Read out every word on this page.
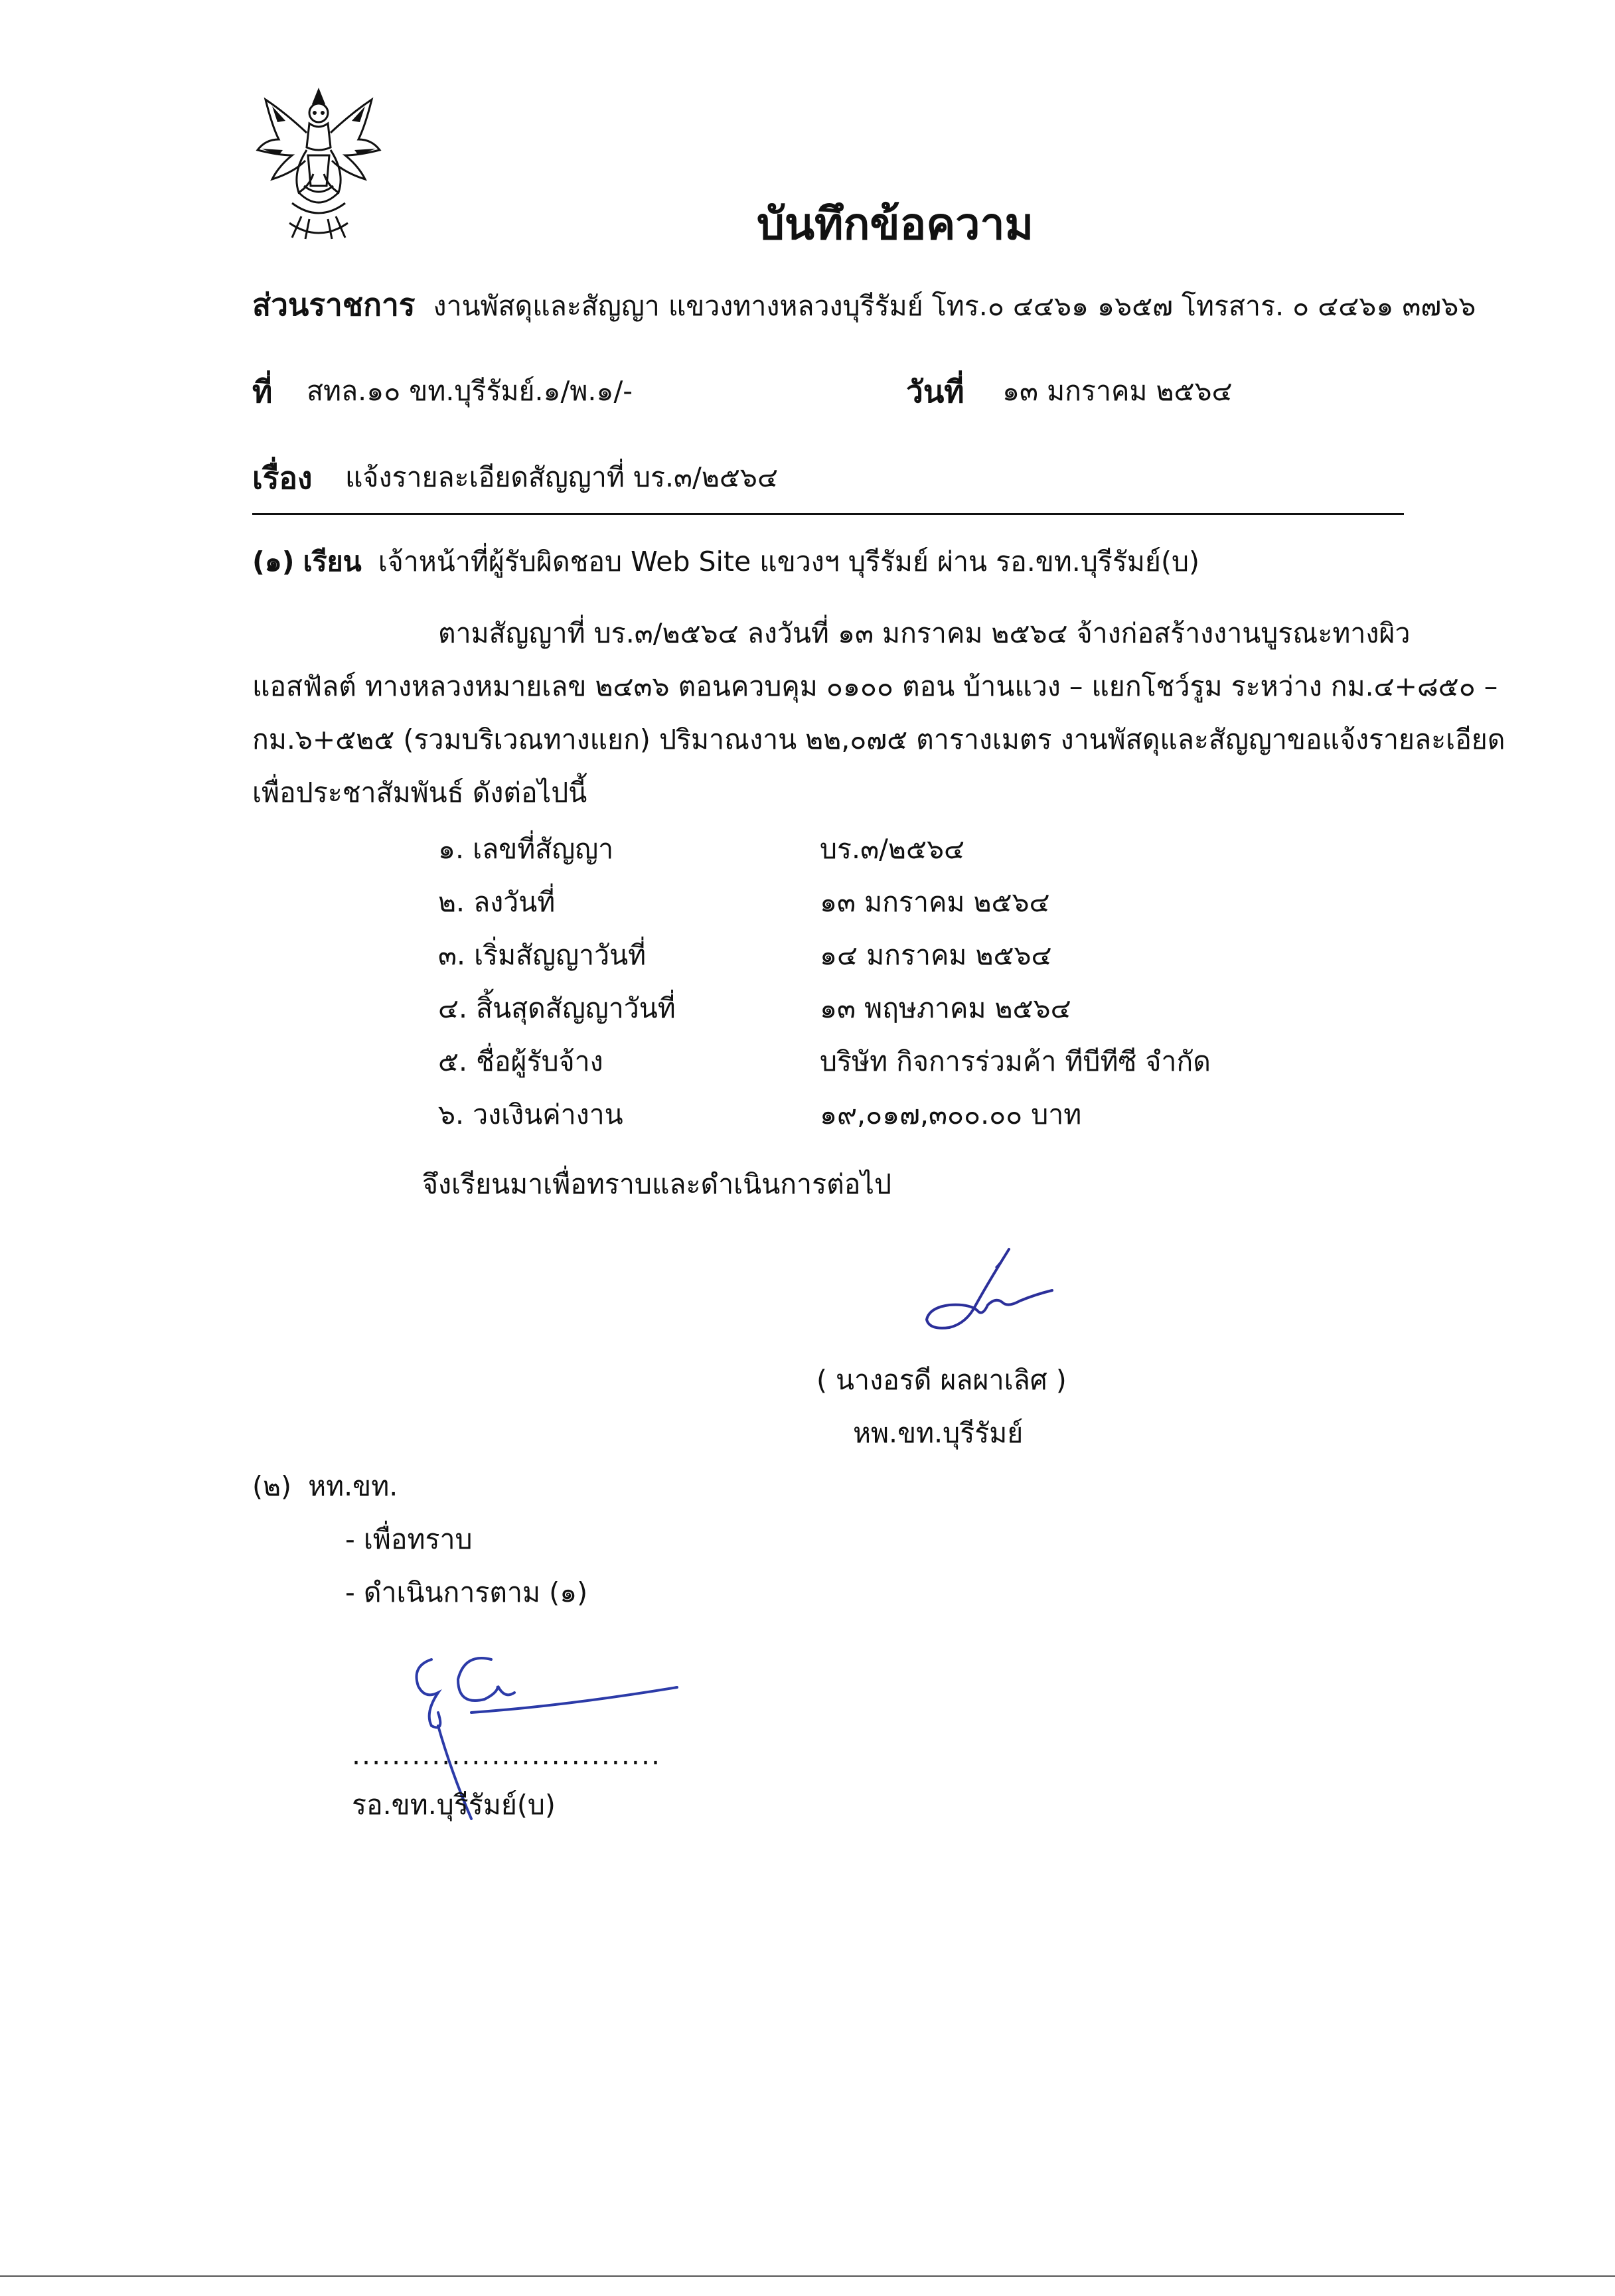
บันทึกข้อความ
ส่วนราชการ งานพัสดุและสัญญา แขวงทางหลวงบุรีรัมย์ โทร.๐ ๔๔๖๑ ๑๖๕๗ โทรสาร. ๐ ๔๔๖๑ ๓๗๖๖
ที่ สทล.๑๐ ขท.บุรีรัมย์.๑/พ.๑/-	วันที่ ๑๓ มกราคม ๒๕๖๔
เรื่อง แจ้งรายละเอียดสัญญาที่ บร.๓/๒๕๖๔
(๑) เรียน เจ้าหน้าที่ผู้รับผิดชอบ Web Site แขวงฯ บุรีรัมย์ ผ่าน รอ.ขท.บุรีรัมย์(บ)
ตามสัญญาที่ บร.๓/๒๕๖๔ ลงวันที่ ๑๓ มกราคม ๒๕๖๔ จ้างก่อสร้างงานบูรณะทางผิว
แอสฟัลต์ ทางหลวงหมายเลข ๒๔๓๖ ตอนควบคุม ๐๑๐๐ ตอน บ้านแวง – แยกโชว์รูม ระหว่าง กม.๔+๘๕๐ –
กม.๖+๕๒๕ (รวมบริเวณทางแยก) ปริมาณงาน ๒๒,๐๗๕ ตารางเมตร งานพัสดุและสัญญาขอแจ้งรายละเอียด
เพื่อประชาสัมพันธ์ ดังต่อไปนี้
๑. เลขที่สัญญา	บร.๓/๒๕๖๔
๒. ลงวันที่	๑๓ มกราคม ๒๕๖๔
๓. เริ่มสัญญาวันที่	๑๔ มกราคม ๒๕๖๔
๔. สิ้นสุดสัญญาวันที่	๑๓ พฤษภาคม ๒๕๖๔
๕. ชื่อผู้รับจ้าง	บริษัท กิจการร่วมค้า ทีบีทีซี จำกัด
๖. วงเงินค่างาน	๑๙,๐๑๗,๓๐๐.๐๐ บาท
จึงเรียนมาเพื่อทราบและดำเนินการต่อไป
( นางอรดี ผลผาเลิศ )
หพ.ขท.บุรีรัมย์
(๒) หท.ขท.
- เพื่อทราบ
- ดำเนินการตาม (๑)
...............................
รอ.ขท.บุรีรัมย์(บ)
